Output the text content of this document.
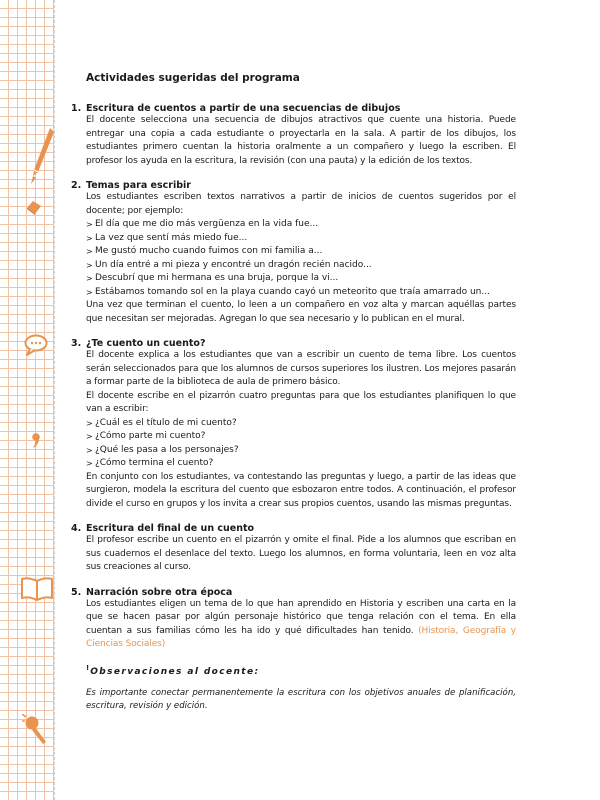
Actividades sugeridas del programa
1. Escritura de cuentos a partir de una secuencias de dibujos

El docente selecciona una secuencia de dibujos atractivos que cuente una historia. Puede entregar una copia a cada estudiante o proyectarla en la sala. A partir de los dibujos, los estudiantes primero cuentan la historia oralmente a un compañero y luego la escriben. El profesor los ayuda en la escritura, la revisión (con una pauta) y la edición de los textos.

2. Temas para escribir

Los estudiantes escriben textos narrativos a partir de inicios de cuentos sugeridos por el docente; por ejemplo:

> El día que me dio más vergüenza en la vida fue...
> La vez que sentí más miedo fue...
> Me gustó mucho cuando fuimos con mi familia a...
> Un día entré a mi pieza y encontré un dragón recién nacido...
> Descubrí que mi hermana es una bruja, porque la vi...
> Estábamos tomando sol en la playa cuando cayó un meteorito que traía amarrado un...

Una vez que terminan el cuento, lo leen a un compañero en voz alta y marcan aquéllas partes que necesitan ser mejoradas. Agregan lo que sea necesario y lo publican en el mural.

3. ¿Te cuento un cuento?

El docente explica a los estudiantes que van a escribir un cuento de tema libre. Los cuentos serán seleccionados para que los alumnos de cursos superiores los ilustren. Los mejores pasarán a formar parte de la biblioteca de aula de primero básico.

El docente escribe en el pizarrón cuatro preguntas para que los estudiantes planifiquen lo que van a escribir:

> ¿Cuál es el título de mi cuento?
> ¿Cómo parte mi cuento?
> ¿Qué les pasa a los personajes?
> ¿Cómo termina el cuento?

En conjunto con los estudiantes, va contestando las preguntas y luego, a partir de las ideas que surgieron, modela la escritura del cuento que esbozaron entre todos. A continuación, el profesor divide el curso en grupos y los invita a crear sus propios cuentos, usando las mismas preguntas.

4. Escritura del final de un cuento

El profesor escribe un cuento en el pizarrón y omite el final. Pide a los alumnos que escriban en sus cuadernos el desenlace del texto. Luego los alumnos, en forma voluntaria, leen en voz alta sus creaciones al curso.

5. Narración sobre otra época

Los estudiantes eligen un tema de lo que han aprendido en Historia y escriben una carta en la que se hacen pasar por algún personaje histórico que tenga relación con el tema. En ella cuentan a sus familias cómo les ha ido y qué dificultades han tenido. (Historia, Geografía y Ciencias Sociales)

!Observaciones al docente:

Es importante conectar permanentemente la escritura con los objetivos anuales de planificación, escritura, revisión y edición.
